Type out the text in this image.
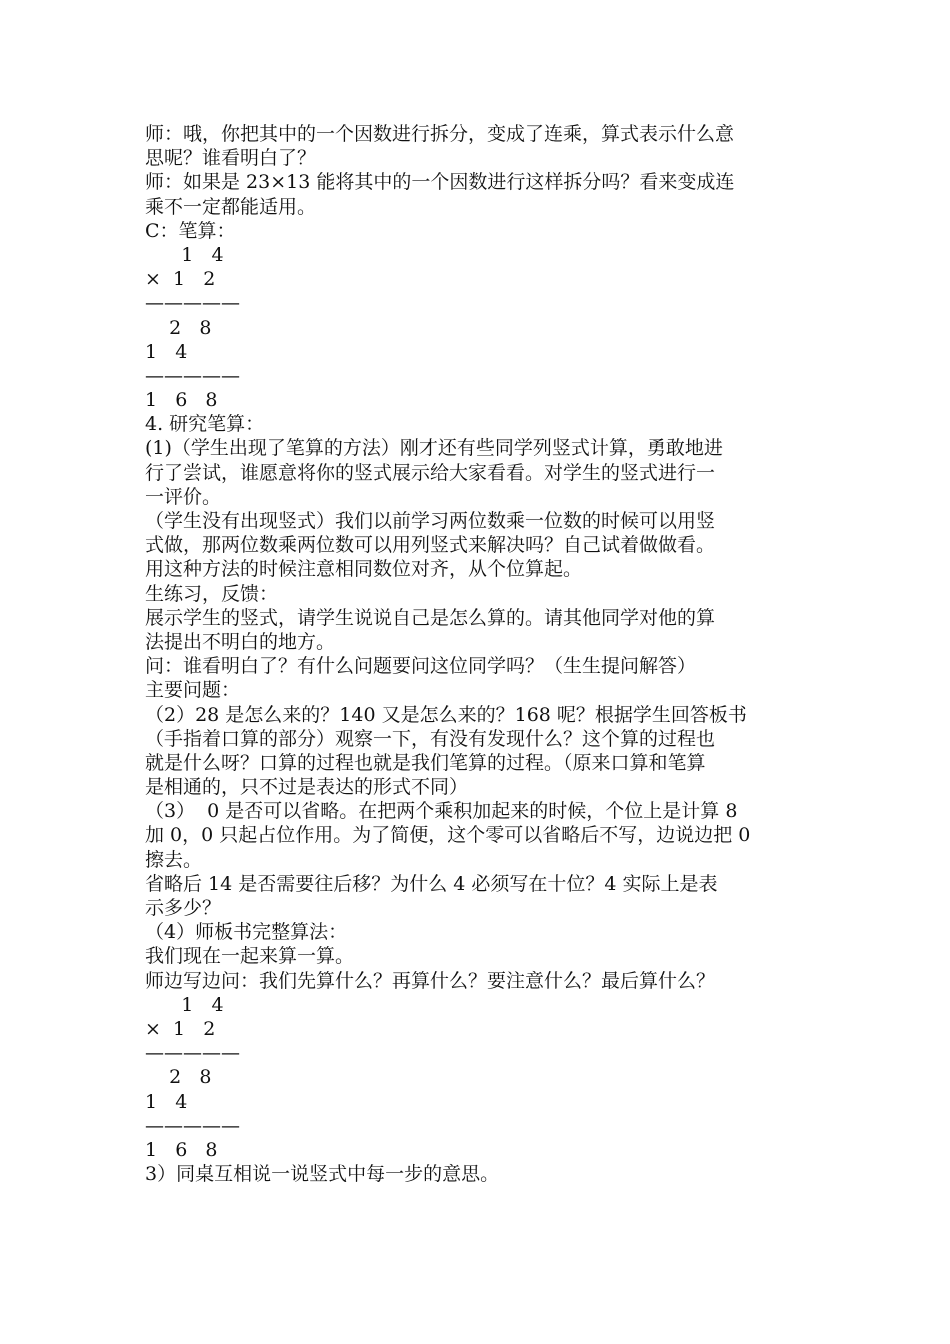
师：哦，你把其中的一个因数进行拆分，变成了连乘，算式表示什么意
思呢？谁看明白了？
师：如果是 23×13 能将其中的一个因数进行这样拆分吗？看来变成连
乘不一定都能适用。
C：笔算：
1   4
×  1   2
—————
2   8
1   4
—————
1   6   8
4. 研究笔算：
(1)（学生出现了笔算的方法）刚才还有些同学列竖式计算，勇敢地进
行了尝试，谁愿意将你的竖式展示给大家看看。对学生的竖式进行一
一评价。
（学生没有出现竖式）我们以前学习两位数乘一位数的时候可以用竖
式做，那两位数乘两位数可以用列竖式来解决吗？自己试着做做看。
用这种方法的时候注意相同数位对齐，从个位算起。
生练习，反馈：
展示学生的竖式，请学生说说自己是怎么算的。请其他同学对他的算
法提出不明白的地方。
问：谁看明白了？有什么问题要问这位同学吗？（生生提问解答）
主要问题：
（2）28 是怎么来的？140 又是怎么来的？168 呢？根据学生回答板书
（手指着口算的部分）观察一下，有没有发现什么？这个算的过程也
就是什么呀？口算的过程也就是我们笔算的过程。（原来口算和笔算
是相通的，只不过是表达的形式不同）
（3）  0 是否可以省略。在把两个乘积加起来的时候，个位上是计算 8
加 0，0 只起占位作用。为了简便，这个零可以省略后不写，边说边把 0
擦去。
省略后 14 是否需要往后移？为什么 4 必须写在十位？4 实际上是表
示多少？
（4）师板书完整算法：
我们现在一起来算一算。
师边写边问：我们先算什么？再算什么？要注意什么？最后算什么？
1   4
×  1   2
—————
2   8
1   4
—————
1   6   8
3）同桌互相说一说竖式中每一步的意思。
